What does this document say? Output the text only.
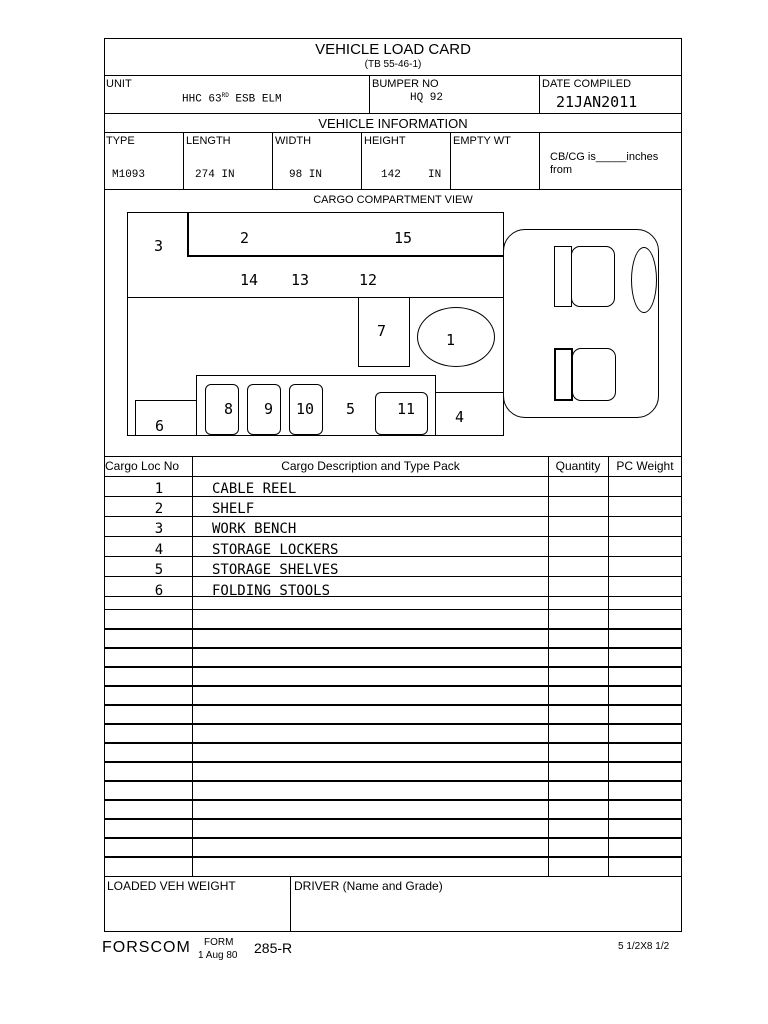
VEHICLE LOAD CARD
(TB 55-46-1)
UNIT
HHC 63RD ESB ELM
BUMPER NO
HQ 92
DATE COMPILED
21JAN2011
VEHICLE INFORMATION
TYPE
M1093
LENGTH
274 IN
WIDTH
98 IN
HEIGHT
142 IN
EMPTY WT
CB/CG is_____inches
from
CARGO COMPARTMENT VIEW
3	2	15
14 13	12
7	1
8 9 10 5	11	4
6
Cargo Loc No	Cargo Description and Type Pack	Quantity	PC Weight
1	CABLE REEL
2	SHELF
3	WORK BENCH
4	STORAGE LOCKERS
5	STORAGE SHELVES
6	FOLDING STOOLS
LOADED VEH WEIGHT	DRIVER (Name and Grade)
FORSCOM FORM
1 Aug 80 285-R	5 1/2X8 1/2
